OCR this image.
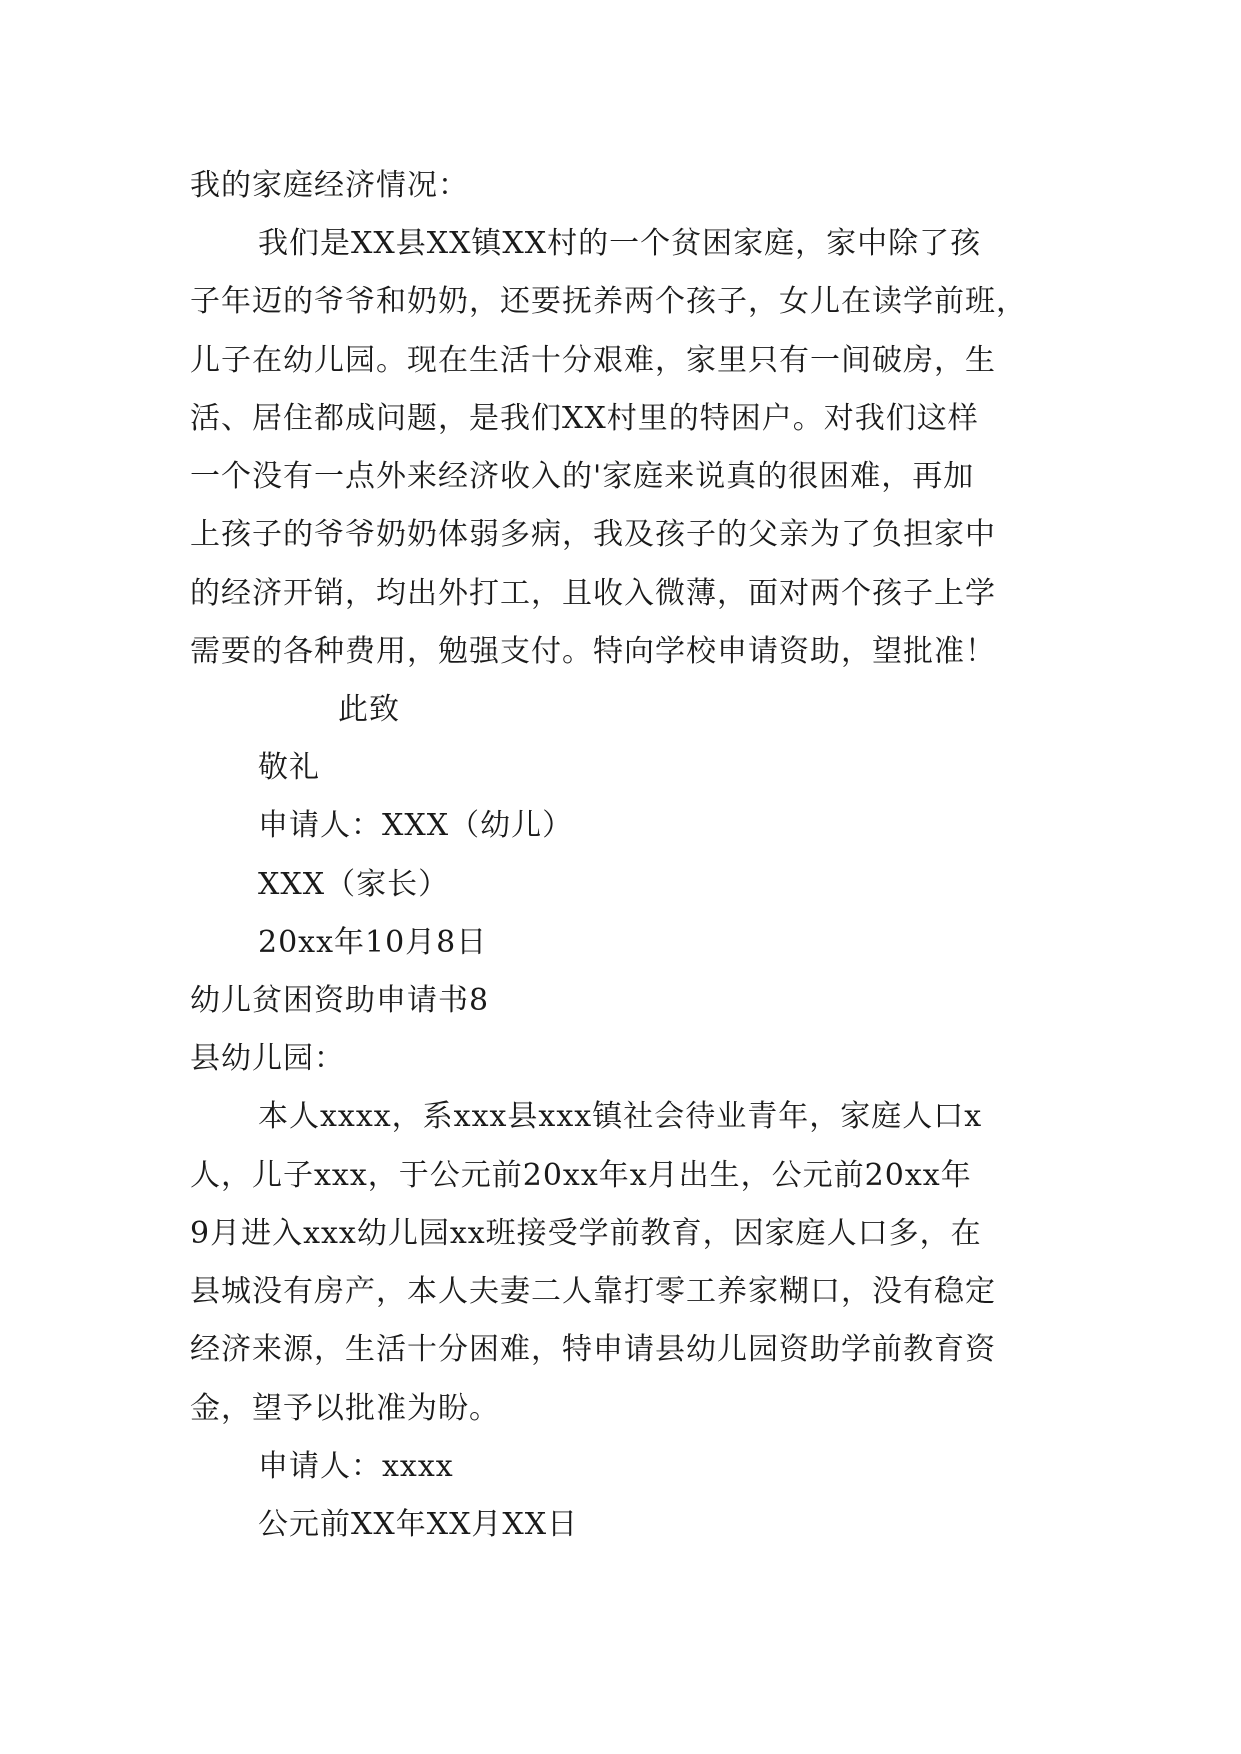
我的家庭经济情况：
我们是XX县XX镇XX村的一个贫困家庭，家中除了孩
子年迈的爷爷和奶奶，还要抚养两个孩子，女儿在读学前班，
儿子在幼儿园。现在生活十分艰难，家里只有一间破房，生
活、居住都成问题，是我们XX村里的特困户。对我们这样
一个没有一点外来经济收入的'家庭来说真的很困难，再加
上孩子的爷爷奶奶体弱多病，我及孩子的父亲为了负担家中
的经济开销，均出外打工，且收入微薄，面对两个孩子上学
需要的各种费用，勉强支付。特向学校申请资助，望批准！
此致
敬礼
申请人：XXX（幼儿）
XXX（家长）
20xx年10月8日
幼儿贫困资助申请书8
县幼儿园：
本人xxxx，系xxx县xxx镇社会待业青年，家庭人口x
人，儿子xxx，于公元前20xx年x月出生，公元前20xx年
9月进入xxx幼儿园xx班接受学前教育，因家庭人口多，在
县城没有房产，本人夫妻二人靠打零工养家糊口，没有稳定
经济来源，生活十分困难，特申请县幼儿园资助学前教育资
金，望予以批准为盼。
申请人：xxxx
公元前XX年XX月XX日
